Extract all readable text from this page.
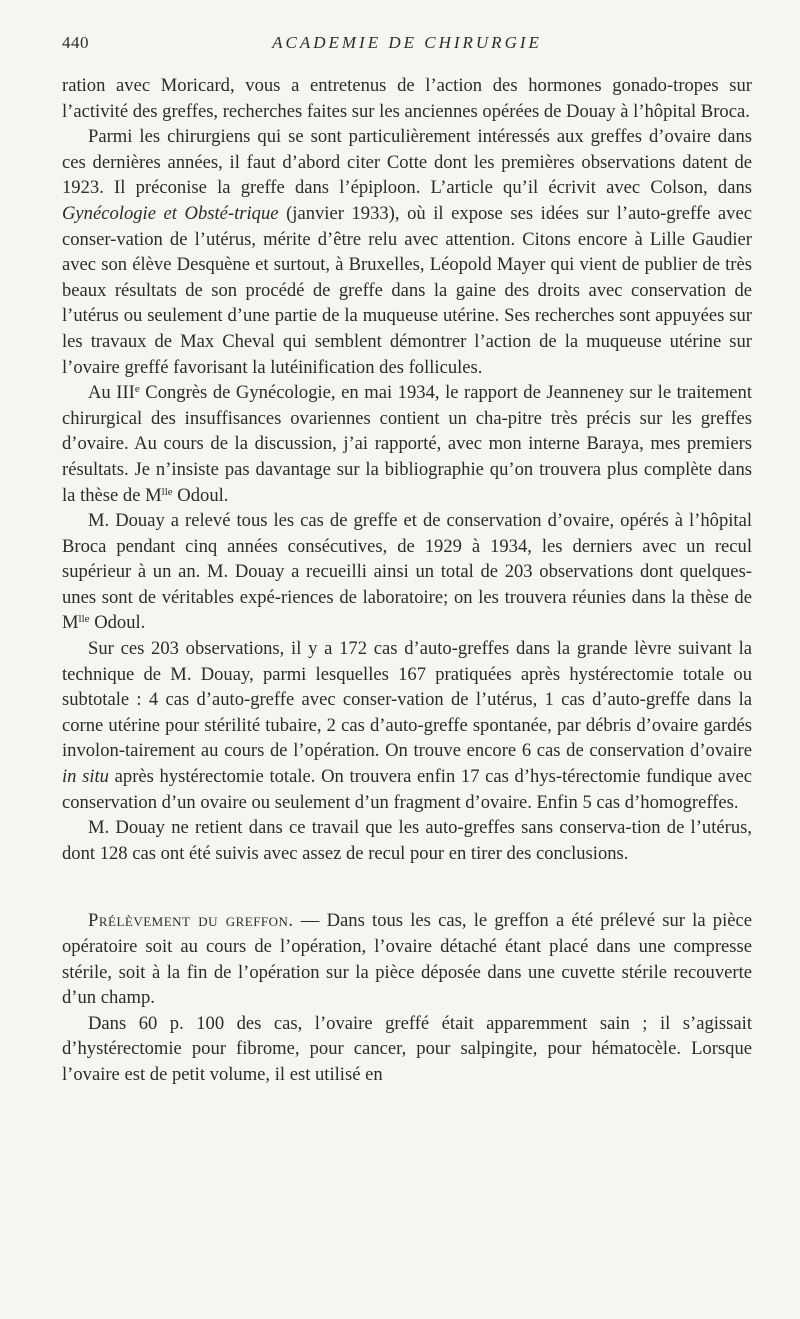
440	ACADEMIE DE CHIRURGIE

ration avec Moricard, vous a entretenus de l’action des hormones gonado-tropes sur l’activité des greffes, recherches faites sur les anciennes opérées de Douay à l’hôpital Broca.

Parmi les chirurgiens qui se sont particulièrement intéressés aux greffes d’ovaire dans ces dernières années, il faut d’abord citer Cotte dont les premières observations datent de 1923. Il préconise la greffe dans l’épiploon. L’article qu’il écrivit avec Colson, dans Gynécologie et Obsté-trique (janvier 1933), où il expose ses idées sur l’auto-greffe avec conser-vation de l’utérus, mérite d’être relu avec attention. Citons encore à Lille Gaudier avec son élève Desquène et surtout, à Bruxelles, Léopold Mayer qui vient de publier de très beaux résultats de son procédé de greffe dans la gaine des droits avec conservation de l’utérus ou seulement d’une partie de la muqueuse utérine. Ses recherches sont appuyées sur les travaux de Max Cheval qui semblent démontrer l’action de la muqueuse utérine sur l’ovaire greffé favorisant la lutéinification des follicules.

Au IIIe Congrès de Gynécologie, en mai 1934, le rapport de Jeanneney sur le traitement chirurgical des insuffisances ovariennes contient un cha-pitre très précis sur les greffes d’ovaire. Au cours de la discussion, j’ai rapporté, avec mon interne Baraya, mes premiers résultats. Je n’insiste pas davantage sur la bibliographie qu’on trouvera plus complète dans la thèse de $M^{lle}$ Odoul.

M. Douay a relevé tous les cas de greffe et de conservation d’ovaire, opérés à l’hôpital Broca pendant cinq années consécutives, de 1929 à 1934, les derniers avec un recul supérieur à un an. M. Douay a recueilli ainsi un total de 203 observations dont quelques-unes sont de véritables expé-riences de laboratoire; on les trouvera réunies dans la thèse de $M^{lle}$ Odoul.

Sur ces 203 observations, il y a 172 cas d’auto-greffes dans la grande lèvre suivant la technique de M. Douay, parmi lesquelles 167 pratiquées après hystérectomie totale ou subtotale : 4 cas d’auto-greffe avec conser-vation de l’utérus, 1 cas d’auto-greffe dans la corne utérine pour stérilité tubaire, 2 cas d’auto-greffe spontanée, par débris d’ovaire gardés involon-tairement au cours de l’opération. On trouve encore 6 cas de conservation d’ovaire in situ après hystérectomie totale. On trouvera enfin 17 cas d’hys-térectomie fundique avec conservation d’un ovaire ou seulement d’un fragment d’ovaire. Enfin 5 cas d’homogreffes.

M. Douay ne retient dans ce travail que les auto-greffes sans conserva-tion de l’utérus, dont 128 cas ont été suivis avec assez de recul pour en tirer des conclusions.

Prélèvement du greffon. — Dans tous les cas, le greffon a été prélevé sur la pièce opératoire soit au cours de l’opération, l’ovaire détaché étant placé dans une compresse stérile, soit à la fin de l’opération sur la pièce déposée dans une cuvette stérile recouverte d’un champ.

Dans 60 p. 100 des cas, l’ovaire greffé était apparemment sain ; il s’agissait d’hystérectomie pour fibrome, pour cancer, pour salpingite, pour hématocèle. Lorsque l’ovaire est de petit volume, il est utilisé en
